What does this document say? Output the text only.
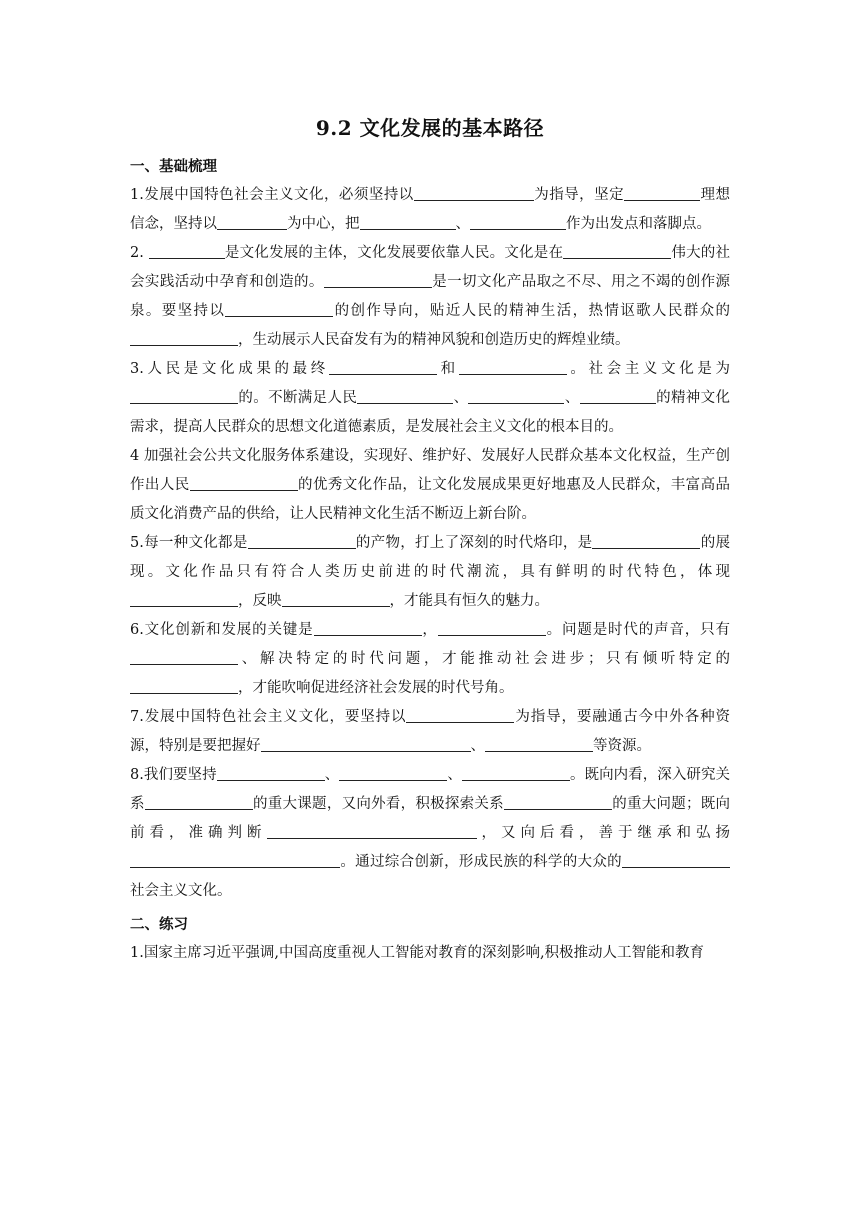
9.2 文化发展的基本路径
一、基础梳理
1.发展中国特色社会主义文化，必须坚持以	为指导，坚定	理想信念，坚持以	为中心，把	、	作为出发点和落脚点。
2.	是文化发展的主体，文化发展要依靠人民。文化是在	伟大的社会实践活动中孕育和创造的。	是一切文化产品取之不尽、用之不竭的创作源泉。要坚持以	的创作导向，贴近人民的精神生活，热情讴歌人民群众的，生动展示人民奋发有为的精神风貌和创造历史的辉煌业绩。
3.人民是文化成果的最终	和	。社会主义文化是为的。不断满足人民	、	、	的精神文化需求，提高人民群众的思想文化道德素质，是发展社会主义文化的根本目的。
4 加强社会公共文化服务体系建设，实现好、维护好、发展好人民群众基本文化权益，生产创作出人民	的优秀文化作品，让文化发展成果更好地惠及人民群众，丰富高品质文化消费产品的供给，让人民精神文化生活不断迈上新台阶。
5.每一种文化都是	的产物，打上了深刻的时代烙印，是	的展现。文化作品只有符合人类历史前进的时代潮流，具有鲜明的时代特色，体现，反映	，才能具有恒久的魅力。
6.文化创新和发展的关键是	，	。问题是时代的声音，只有、解决特定的时代问题，才能推动社会进步；只有倾听特定的，才能吹响促进经济社会发展的时代号角。
7.发展中国特色社会主义文化，要坚持以	为指导，要融通古今中外各种资源，特别是要把握好	、	等资源。
8.我们要坚持	、	、	。既向内看，深入研究关系	的重大课题，又向外看，积极探索关系	的重大问题；既向前看，准确判断	，又向后看，善于继承和弘扬。通过综合创新，形成民族的科学的大众的社会主义文化。
二、练习
1.国家主席习近平强调,中国高度重视人工智能对教育的深刻影响,积极推动人工智能和教育
